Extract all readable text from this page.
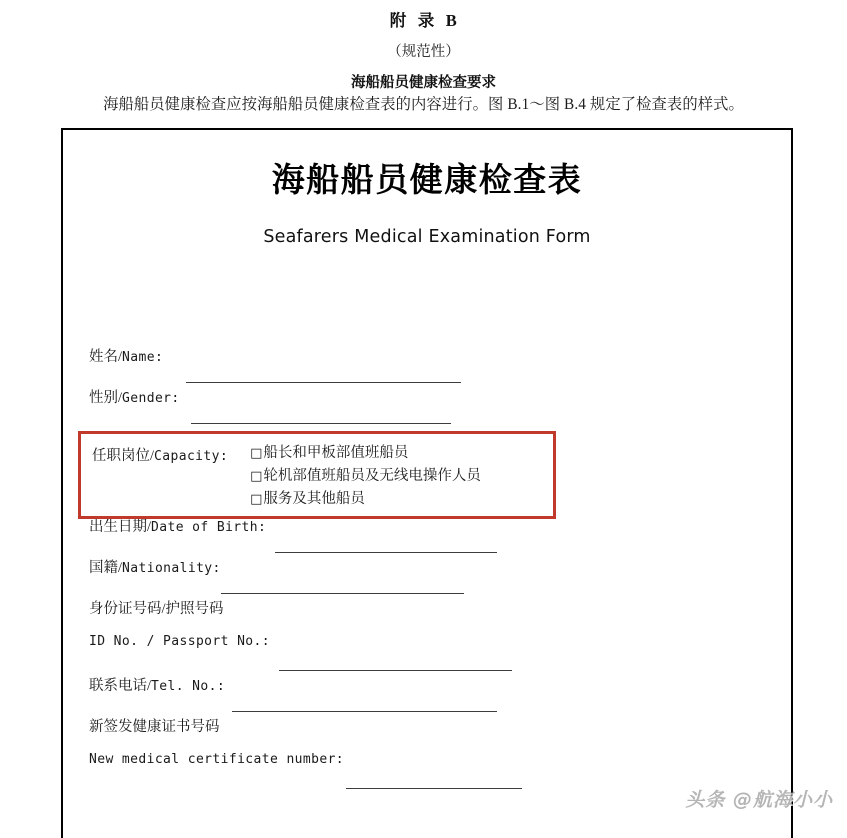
附 录 B
（规范性）
海船船员健康检查要求
海船船员健康检查应按海船船员健康检查表的内容进行。图 B.1～图 B.4 规定了检查表的样式。
海船船员健康检查表
Seafarers Medical Examination Form
姓名/Name:
性别/Gender:
出生日期/Date of Birth:
国籍/Nationality:
身份证号码/护照号码
ID No. / Passport No.:
联系电话/Tel. No.:
新签发健康证书号码
New medical certificate number:
任职岗位/Capacity: □船长和甲板部值班船员
□轮机部值班船员及无线电操作人员
□服务及其他船员
头条 @航海小小
